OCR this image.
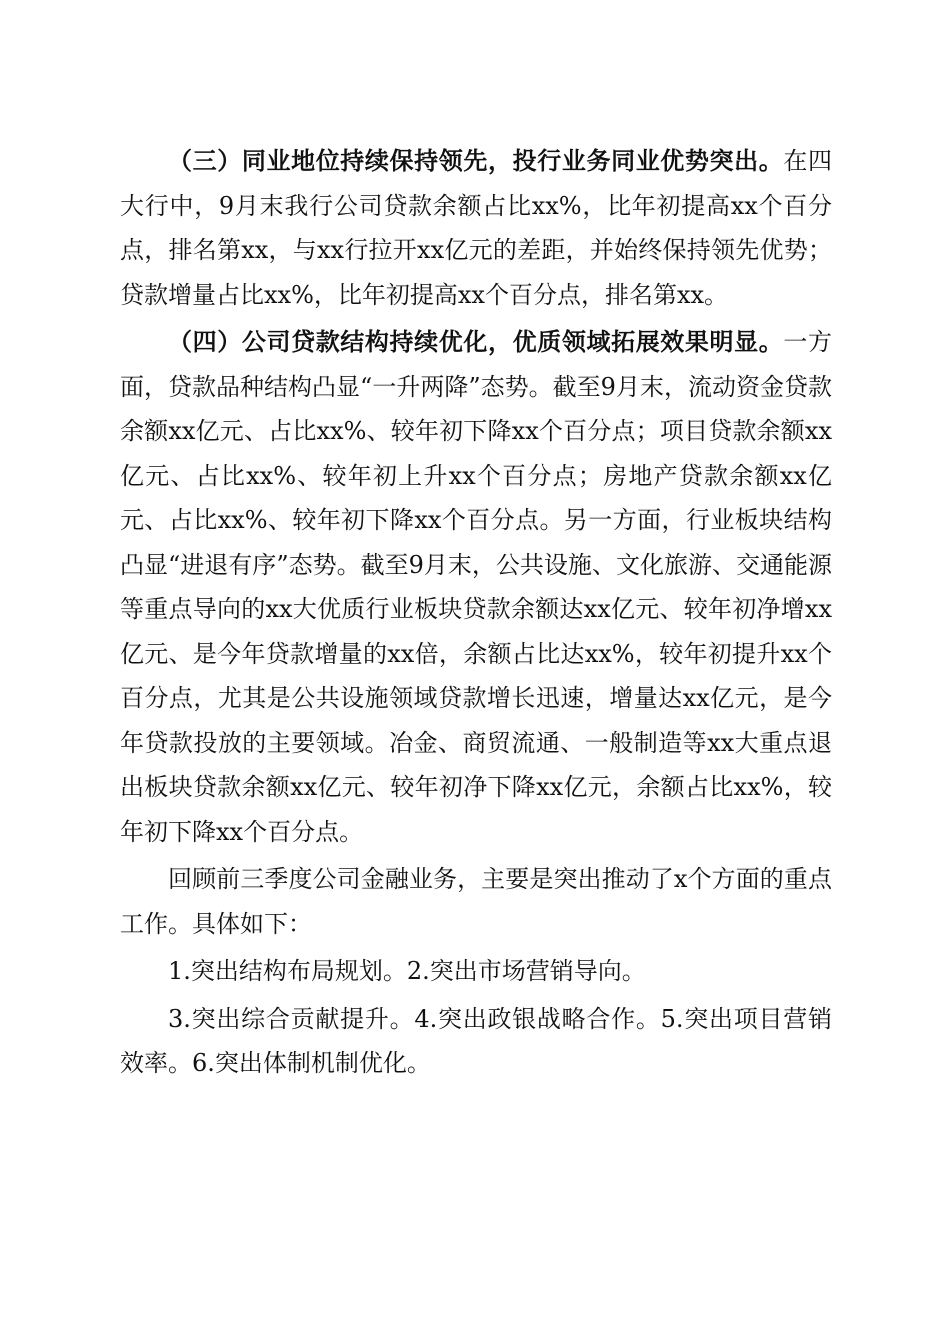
（三）同业地位持续保持领先，投行业务同业优势突出。在四大行中，9月末我行公司贷款余额占比xx%，比年初提高xx个百分点，排名第xx，与xx行拉开xx亿元的差距，并始终保持领先优势；贷款增量占比xx%，比年初提高xx个百分点，排名第xx。

（四）公司贷款结构持续优化，优质领域拓展效果明显。一方面，贷款品种结构凸显“一升两降”态势。截至9月末，流动资金贷款余额xx亿元、占比xx%、较年初下降xx个百分点；项目贷款余额xx亿元、占比xx%、较年初上升xx个百分点；房地产贷款余额xx亿元、占比xx%、较年初下降xx个百分点。另一方面，行业板块结构凸显“进退有序”态势。截至9月末，公共设施、文化旅游、交通能源等重点导向的xx大优质行业板块贷款余额达xx亿元、较年初净增xx亿元、是今年贷款增量的xx倍，余额占比达xx%，较年初提升xx个百分点，尤其是公共设施领域贷款增长迅速，增量达xx亿元，是今年贷款投放的主要领域。冶金、商贸流通、一般制造等xx大重点退出板块贷款余额xx亿元、较年初净下降xx亿元，余额占比xx%，较年初下降xx个百分点。

回顾前三季度公司金融业务，主要是突出推动了x个方面的重点工作。具体如下：

1.突出结构布局规划。2.突出市场营销导向。

3.突出综合贡献提升。4.突出政银战略合作。5.突出项目营销效率。6.突出体制机制优化。
